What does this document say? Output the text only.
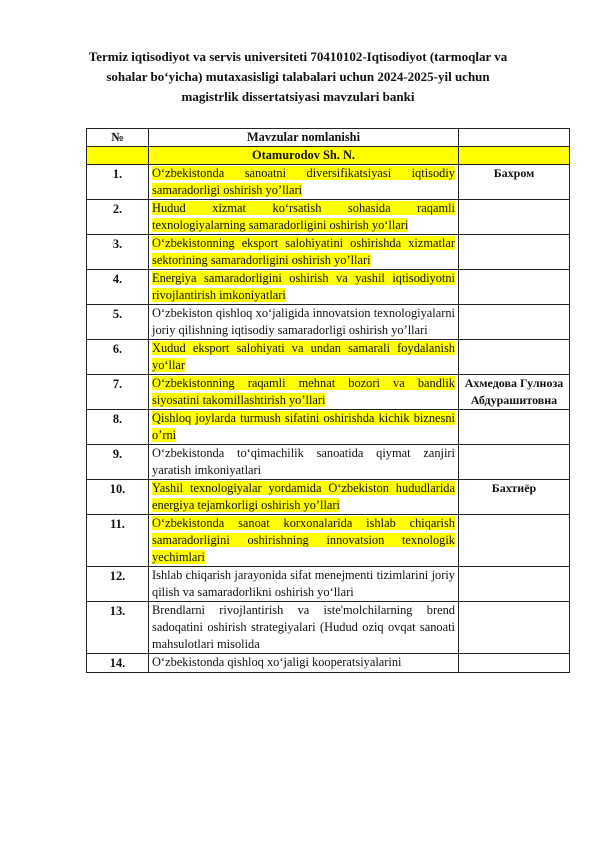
Termiz iqtisodiyot va servis universiteti 70410102-Iqtisodiyot (tarmoqlar va
sohalar bo‘yicha) mutaxasisligi talabalari uchun 2024-2025-yil uchun
magistrlik dissertatsiyasi mavzulari banki
№	Mavzular nomlanishi	
	Otamurodov Sh. N.	
1.	O‘zbekistonda sanoatni diversifikatsiyasi iqtisodiy samaradorligi oshirish yo’llari	Бахром
2.	Hudud xizmat ko‘rsatish sohasida raqamli texnologiyalarning samaradorligini oshirish yo‘llari	
3.	O‘zbekistonning eksport salohiyatini oshirishda xizmatlar sektorining samaradorligini oshirish yo’llari	
4.	Energiya samaradorligini oshirish va yashil iqtisodiyotni rivojlantirish imkoniyatlari	
5.	O‘zbekiston qishloq xo‘jaligida innovatsion texnologiyalarni joriy qilishning iqtisodiy samaradorligi oshirish yo’llari	
6.	Xudud eksport salohiyati va undan samarali foydalanish yo‘llar	
7.	O‘zbekistonning raqamli mehnat bozori va bandlik siyosatini takomillashtirish yo’llari	Ахмедова Гулноза Абдурашитовна
8.	Qishloq joylarda turmush sifatini oshirishda kichik biznesni o’rni	
9.	O‘zbekistonda to‘qimachilik sanoatida qiymat zanjiri yaratish imkoniyatlari	
10.	Yashil texnologiyalar yordamida O‘zbekiston hududlarida energiya tejamkorligi oshirish yo’llari	Бахтиёр
11.	O‘zbekistonda sanoat korxonalarida ishlab chiqarish samaradorligini oshirishning innovatsion texnologik yechimlari	
12.	Ishlab chiqarish jarayonida sifat menejmenti tizimlarini joriy qilish va samaradorlikni oshirish yo‘llari	
13.	Brendlarni rivojlantirish va iste'molchilarning brend sadoqatini oshirish strategiyalari (Hudud oziq ovqat sanoati mahsulotlari misolida	
14.	O‘zbekistonda qishloq xo‘jaligi kooperatsiyalarini	
